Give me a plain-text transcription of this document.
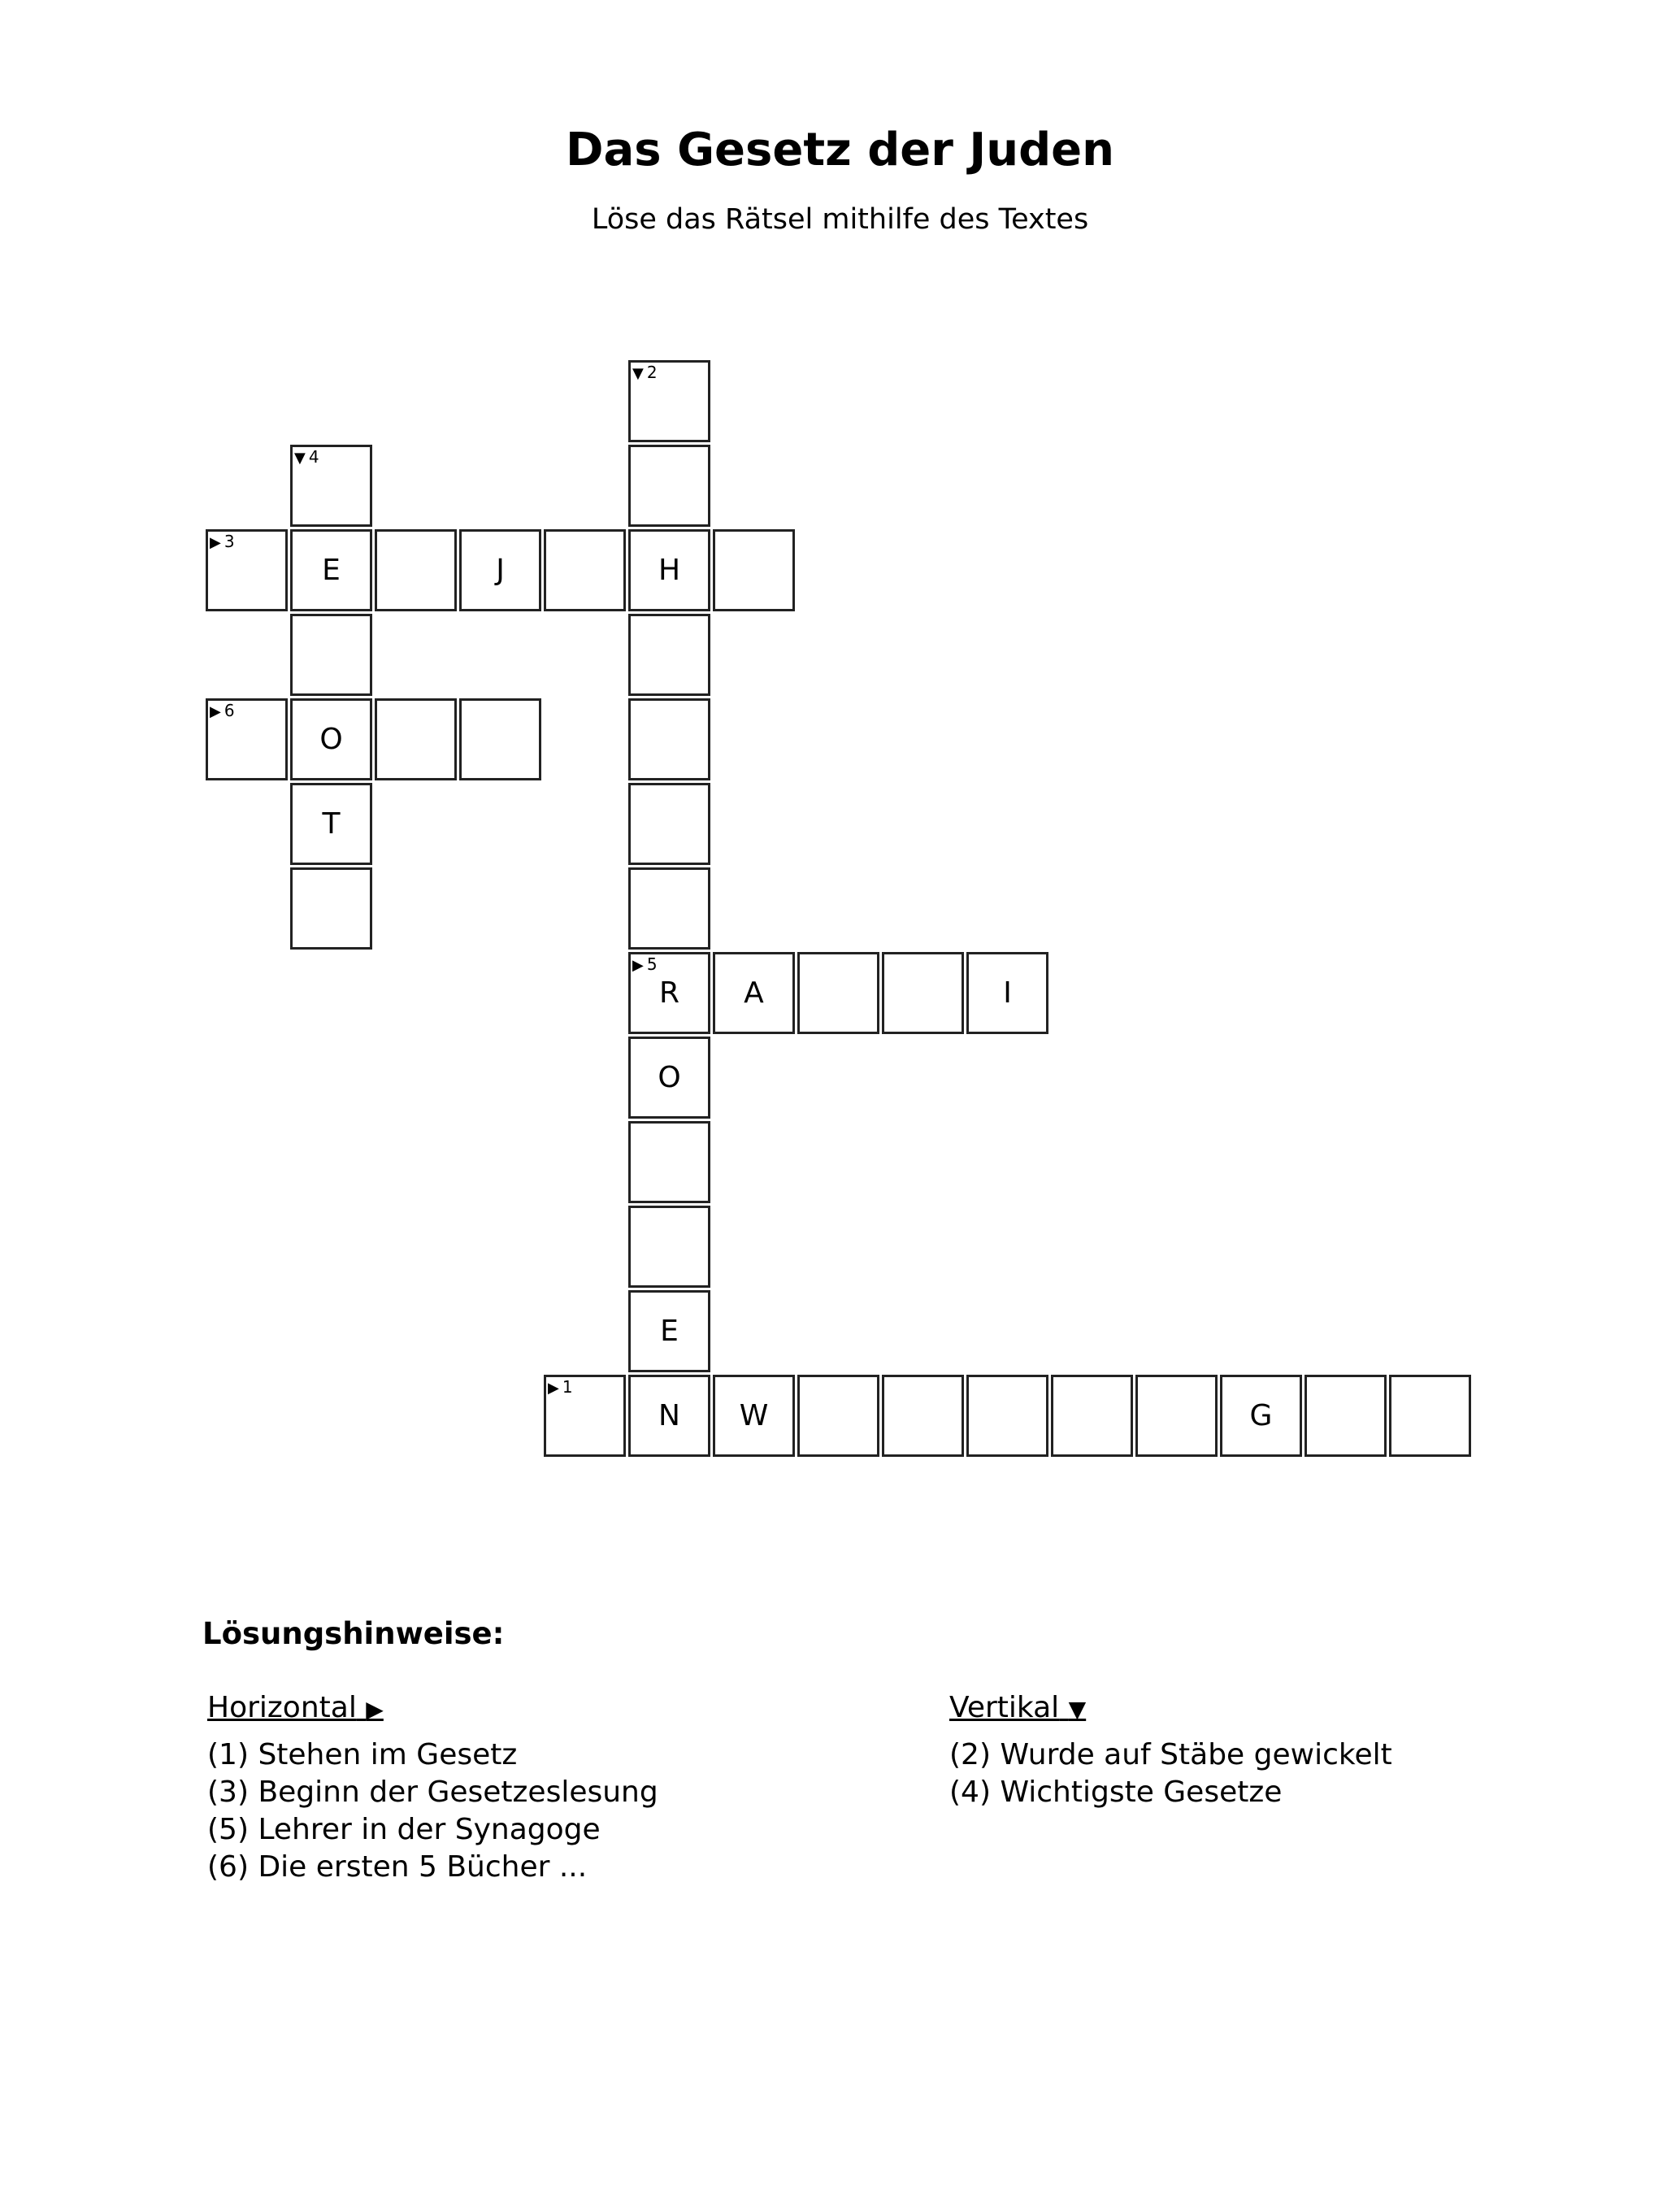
Das Gesetz der Juden
Löse das Rätsel mithilfe des Textes
▼ 2
▼ 4
▶ 3
E	J	H
▶ 6
O
T
▶ 5
R	A	I
O
E
▶ 1
N	W	G
Lösungshinweise:
Horizontal ▶
(1) Stehen im Gesetz
(3) Beginn der Gesetzeslesung
(5) Lehrer in der Synagoge
(6) Die ersten 5 Bücher ...
Vertikal ▼
(2) Wurde auf Stäbe gewickelt
(4) Wichtigste Gesetze
